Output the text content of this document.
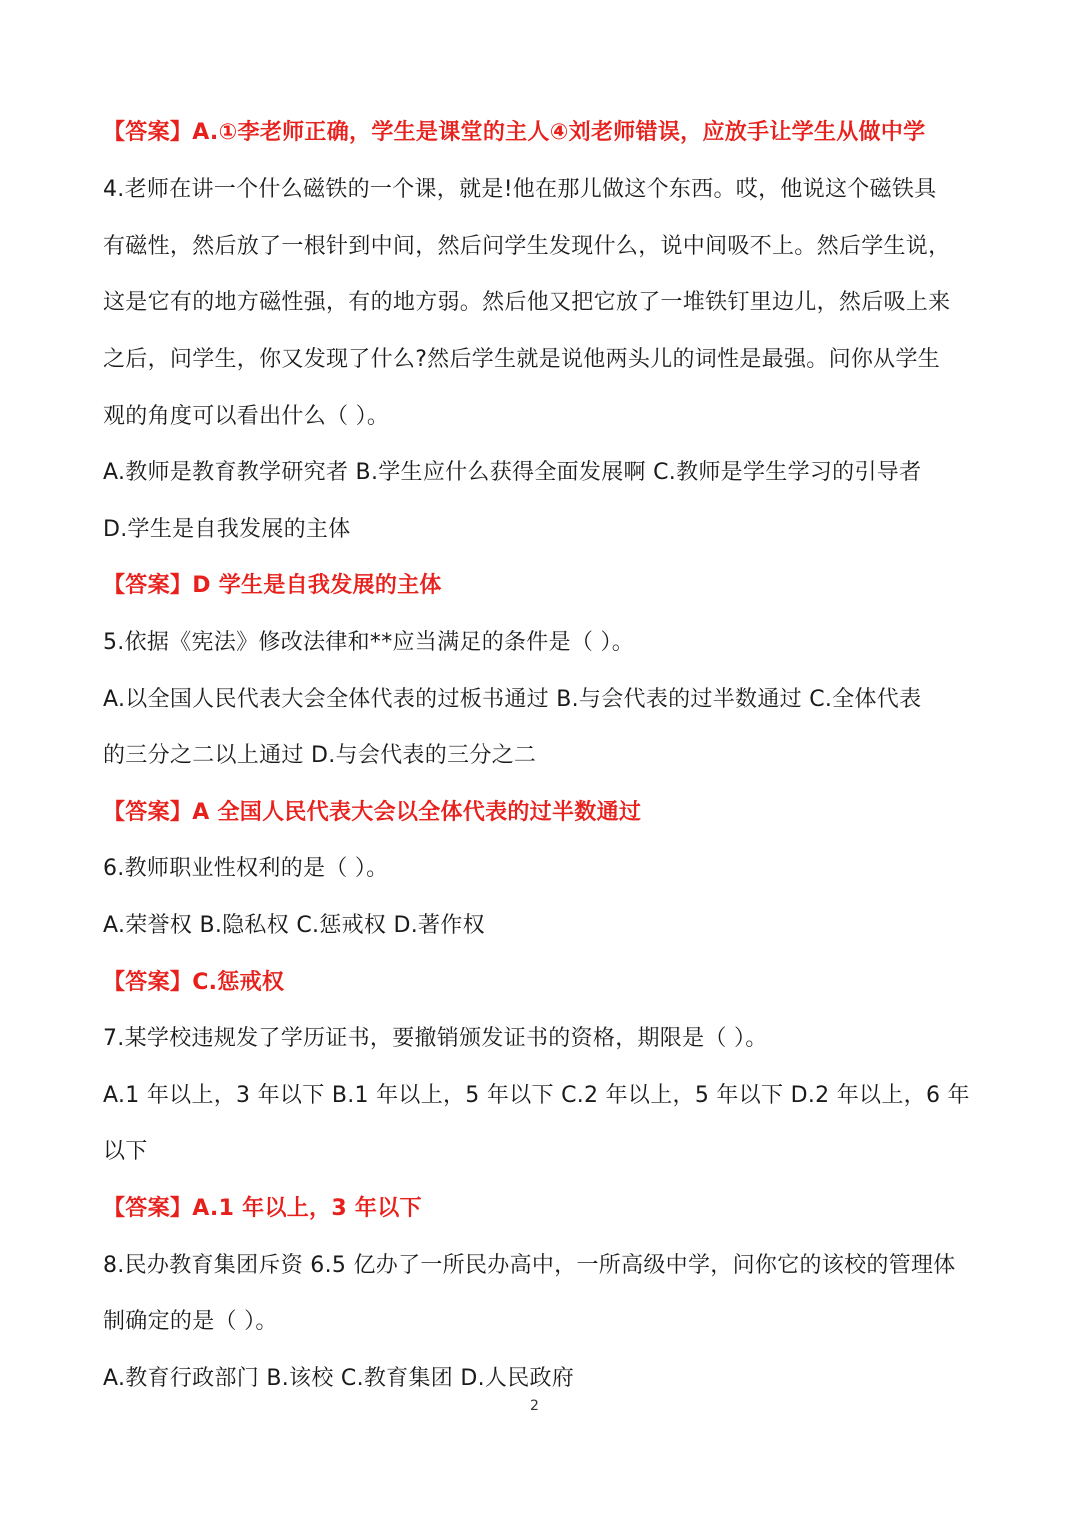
【答案】A.①李老师正确，学生是课堂的主人④刘老师错误，应放手让学生从做中学
4.老师在讲一个什么磁铁的一个课，就是!他在那儿做这个东西。哎，他说这个磁铁具
有磁性，然后放了一根针到中间，然后问学生发现什么，说中间吸不上。然后学生说，
这是它有的地方磁性强，有的地方弱。然后他又把它放了一堆铁钉里边儿，然后吸上来
之后，问学生，你又发现了什么?然后学生就是说他两头儿的词性是最强。问你从学生
观的角度可以看出什么（ ）。
A.教师是教育教学研究者 B.学生应什么获得全面发展啊 C.教师是学生学习的引导者
D.学生是自我发展的主体
【答案】D 学生是自我发展的主体
5.依据《宪法》修改法律和**应当满足的条件是（ ）。
A.以全国人民代表大会全体代表的过板书通过 B.与会代表的过半数通过 C.全体代表
的三分之二以上通过 D.与会代表的三分之二
【答案】A 全国人民代表大会以全体代表的过半数通过
6.教师职业性权利的是（ ）。
A.荣誉权 B.隐私权 C.惩戒权 D.著作权
【答案】C.惩戒权
7.某学校违规发了学历证书，要撤销颁发证书的资格，期限是（ ）。
A.1 年以上，3 年以下 B.1 年以上，5 年以下 C.2 年以上，5 年以下 D.2 年以上，6 年
以下
【答案】A.1 年以上，3 年以下
8.民办教育集团斥资 6.5 亿办了一所民办高中，一所高级中学，问你它的该校的管理体
制确定的是（ ）。
A.教育行政部门 B.该校 C.教育集团 D.人民政府
2
